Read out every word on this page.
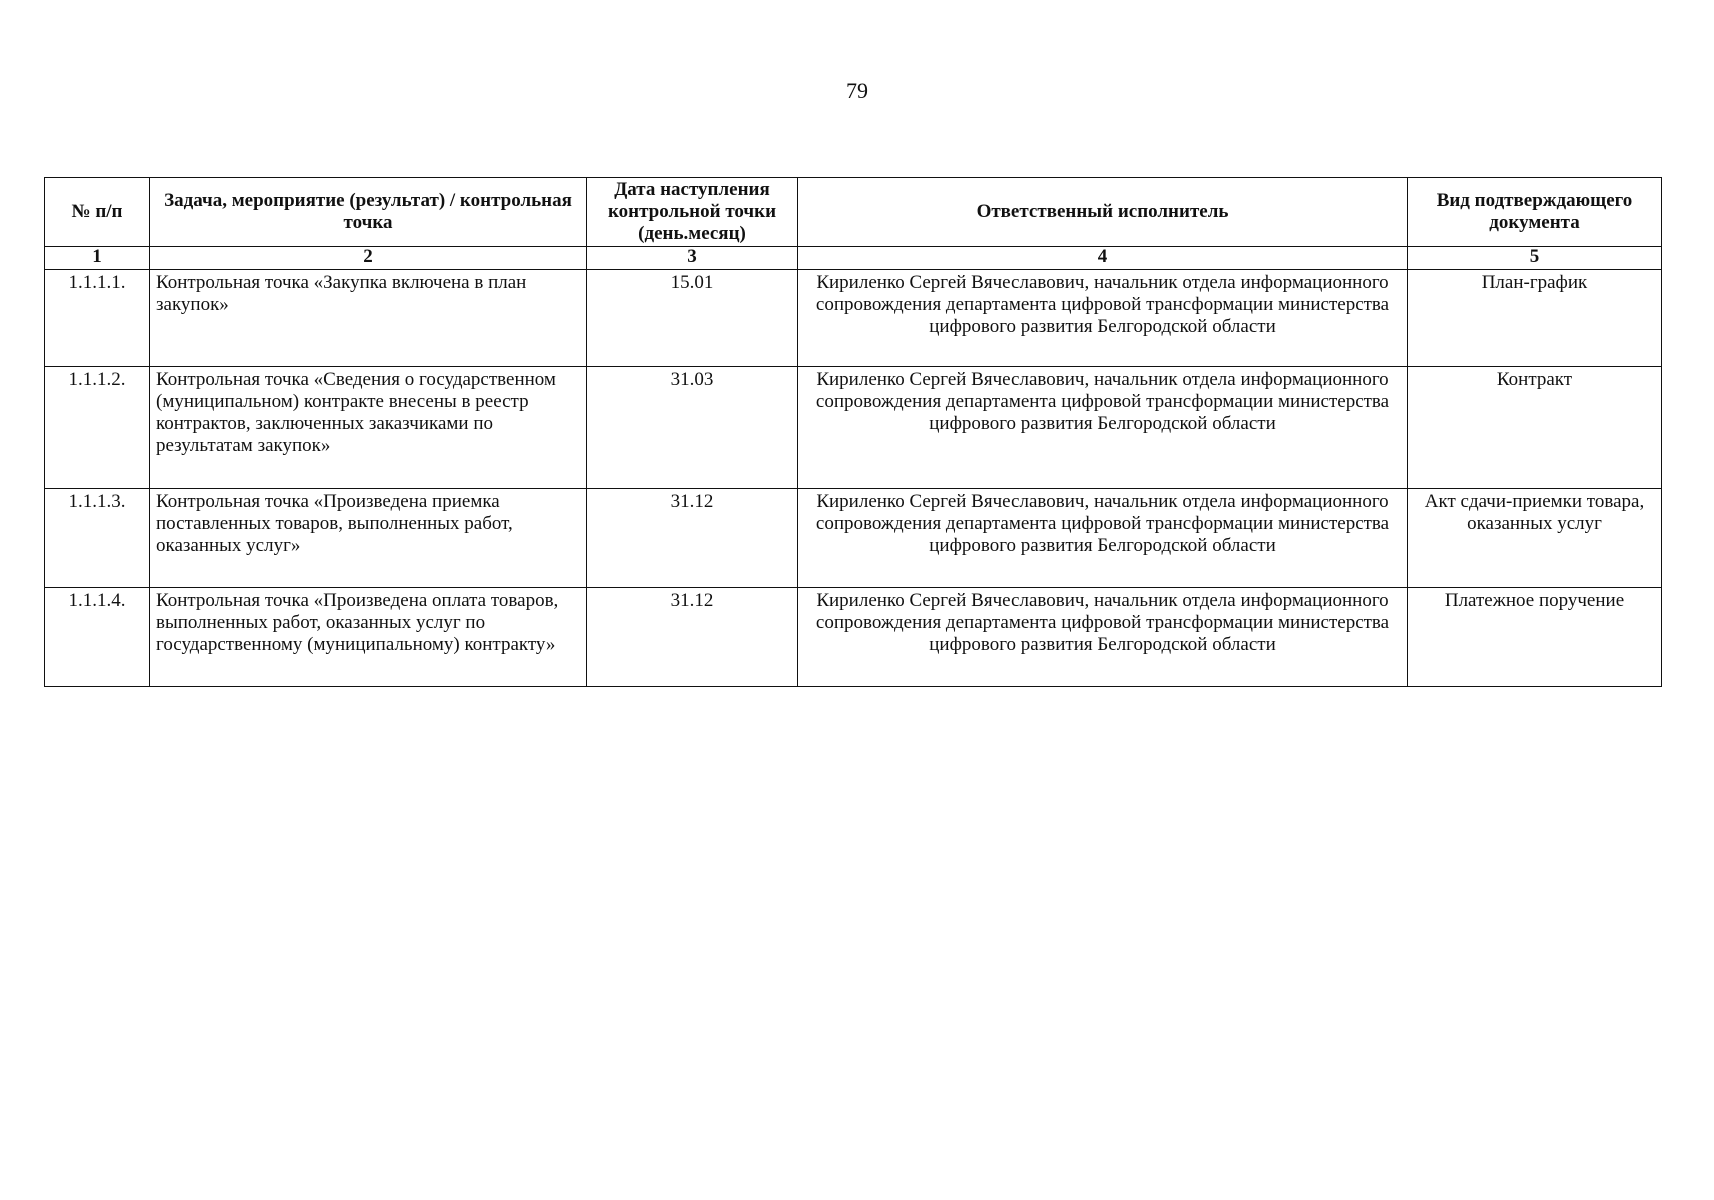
79
№ п/п	Задача, мероприятие (результат) / контрольная точка	Дата наступления контрольной точки (день.месяц)	Ответственный исполнитель	Вид подтверждающего документа
1	2	3	4	5
1.1.1.1.	Контрольная точка «Закупка включена в план закупок»	15.01	Кириленко Сергей Вячеславович, начальник отдела информационного сопровождения департамента цифровой трансформации министерства цифрового развития Белгородской области	План-график
1.1.1.2.	Контрольная точка «Сведения о государственном (муниципальном) контракте внесены в реестр контрактов, заключенных заказчиками по результатам закупок»	31.03	Кириленко Сергей Вячеславович, начальник отдела информационного сопровождения департамента цифровой трансформации министерства цифрового развития Белгородской области	Контракт
1.1.1.3.	Контрольная точка «Произведена приемка поставленных товаров, выполненных работ, оказанных услуг»	31.12	Кириленко Сергей Вячеславович, начальник отдела информационного сопровождения департамента цифровой трансформации министерства цифрового развития Белгородской области	Акт сдачи-приемки товара, оказанных услуг
1.1.1.4.	Контрольная точка «Произведена оплата товаров, выполненных работ, оказанных услуг по государственному (муниципальному) контракту»	31.12	Кириленко Сергей Вячеславович, начальник отдела информационного сопровождения департамента цифровой трансформации министерства цифрового развития Белгородской области	Платежное поручение
